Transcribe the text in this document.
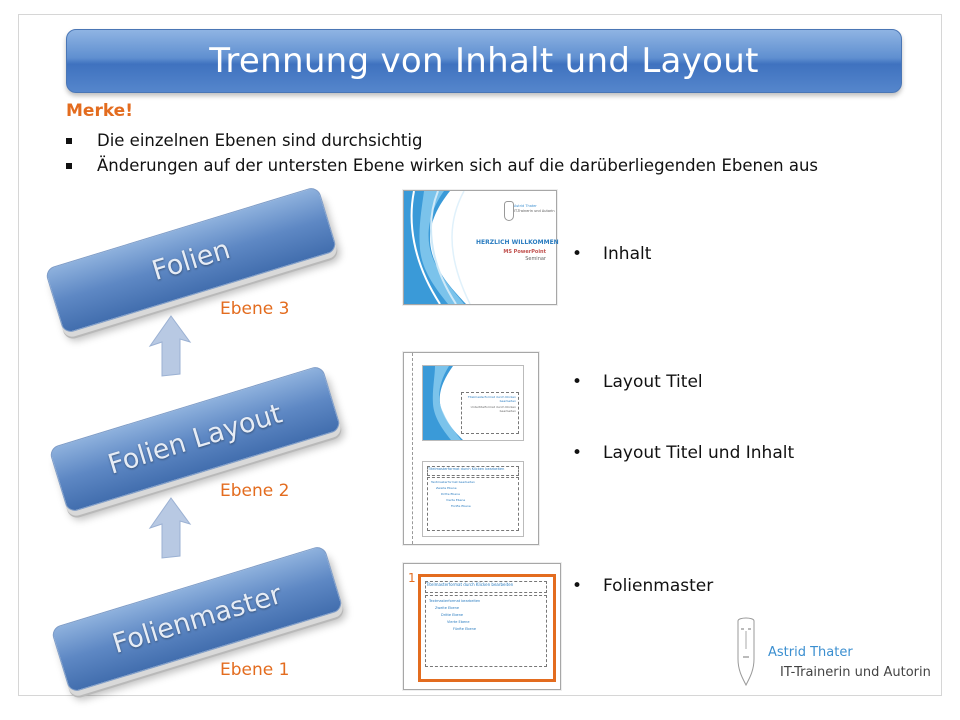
Trennung von Inhalt und Layout
Merke!
Die einzelnen Ebenen sind durchsichtig
Änderungen auf der untersten Ebene wirken sich auf die darüberliegenden Ebenen aus
Folien
Folien Layout
Folienmaster
Ebene 3
Ebene 2
Ebene 1
Astrid Thater
IT-Trainerin und Autorin
HERZLICH WILLKOMMEN
MS PowerPoint
Seminar
Titelmasterformat durch Klicken bearbeiten
Untertitelformat durch Klicken bearbeiten
Titelmasterformat durch Klicken bearbeiten
Textmasterformat bearbeiten
Zweite Ebene
Dritte Ebene
Vierte Ebene
Fünfte Ebene
Titelmasterformat durch Klicken bearbeiten
Textmasterformat bearbeiten
Zweite Ebene
Dritte Ebene
Vierte Ebene
Fünfte Ebene
1
• Inhalt
• Layout Titel
• Layout Titel und Inhalt
• Folienmaster
Astrid Thater
IT-Trainerin und Autorin
